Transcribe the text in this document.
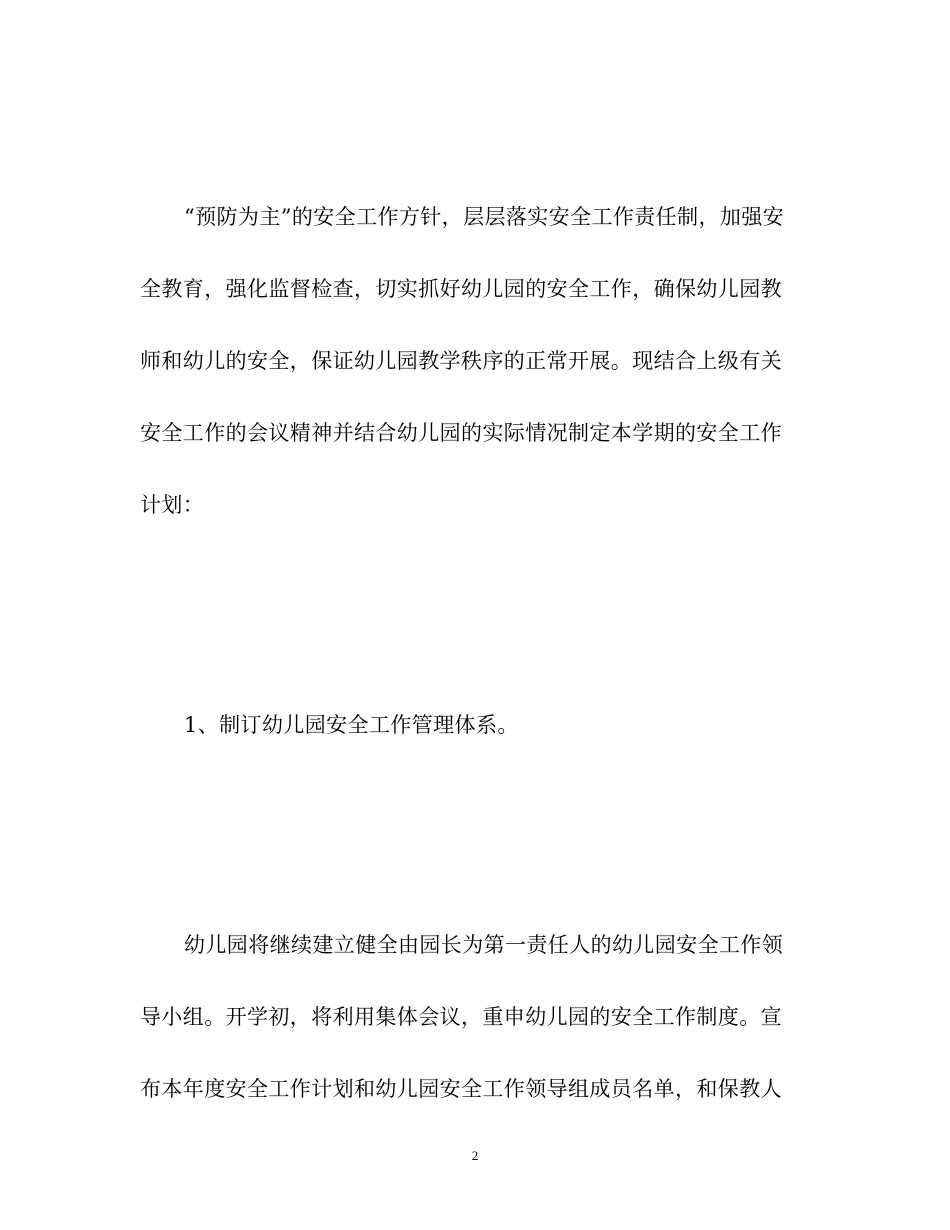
“预防为主”的安全工作方针，层层落实安全工作责任制，加强安
全教育，强化监督检查，切实抓好幼儿园的安全工作，确保幼儿园教
师和幼儿的安全，保证幼儿园教学秩序的正常开展。现结合上级有关
安全工作的会议精神并结合幼儿园的实际情况制定本学期的安全工作
计划：
1、制订幼儿园安全工作管理体系。
幼儿园将继续建立健全由园长为第一责任人的幼儿园安全工作领
导小组。开学初，将利用集体会议，重申幼儿园的安全工作制度。宣
布本年度安全工作计划和幼儿园安全工作领导组成员名单，和保教人
2
